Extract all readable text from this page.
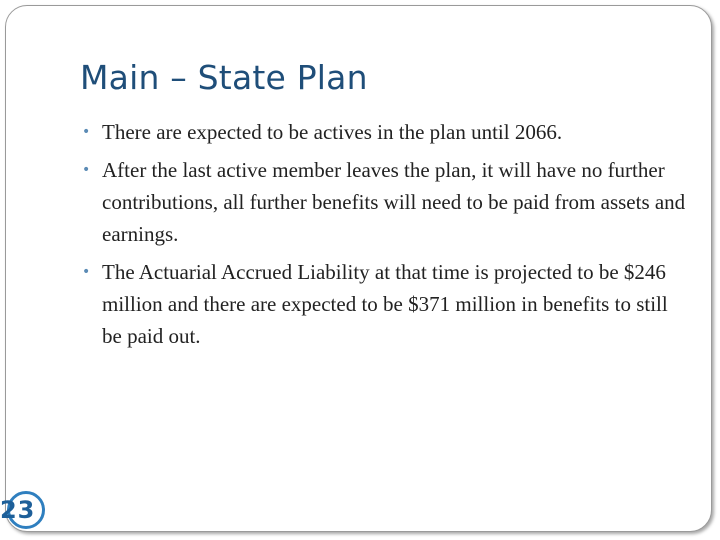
Main – State Plan
• There are expected to be actives in the plan until 2066.
• After the last active member leaves the plan, it will have no further contributions, all further benefits will need to be paid from assets and earnings.
• The Actuarial Accrued Liability at that time is projected to be $246 million and there are expected to be $371 million in benefits to still be paid out.
2 3
